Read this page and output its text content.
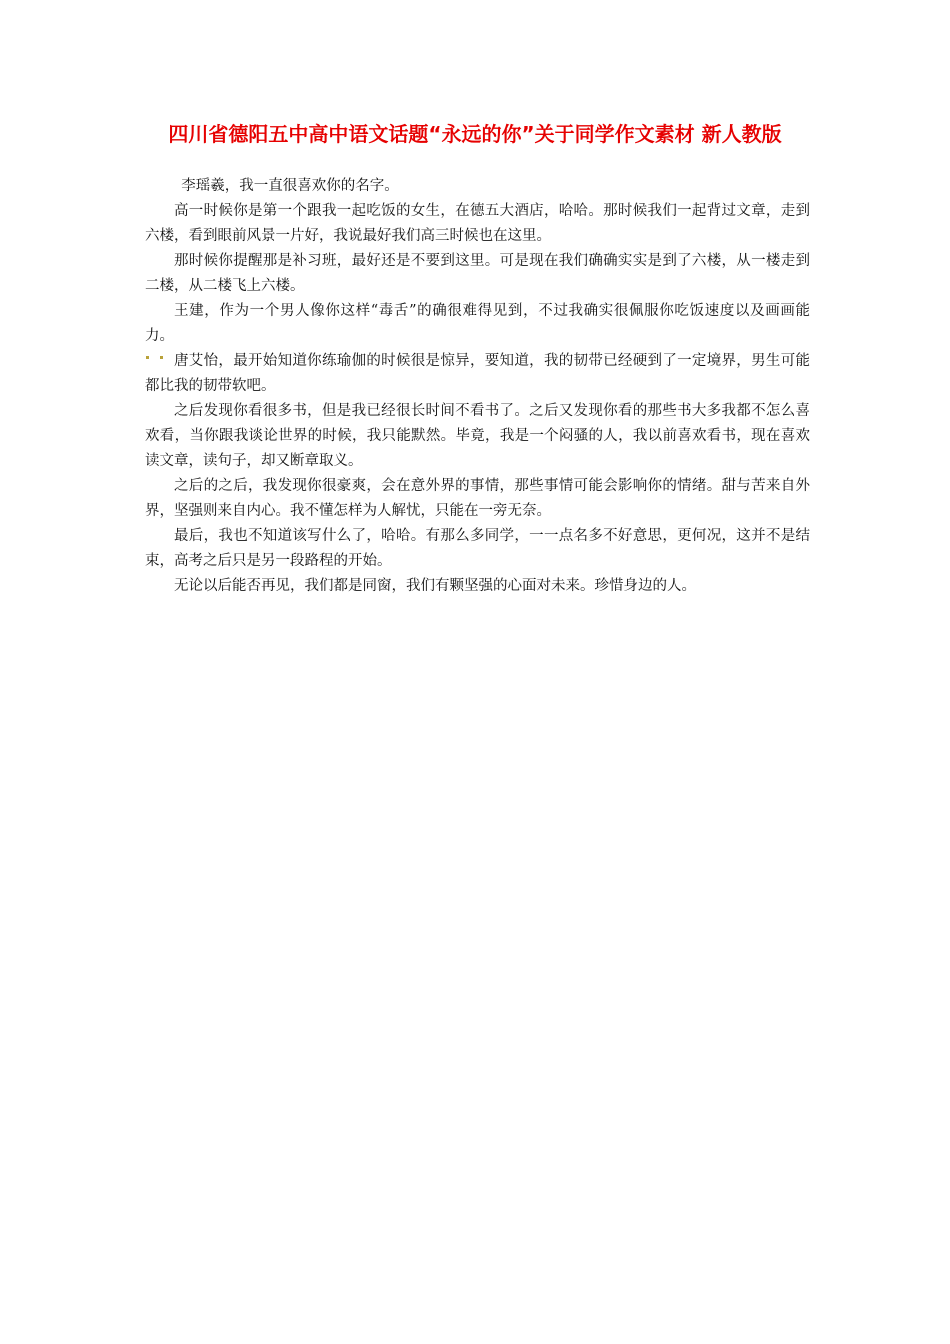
四川省德阳五中高中语文话题“永远的你”关于同学作文素材 新人教版

李瑶羲，我一直很喜欢你的名字。

高一时候你是第一个跟我一起吃饭的女生，在德五大酒店，哈哈。那时候我们一起背过文章，走到六楼，看到眼前风景一片好，我说最好我们高三时候也在这里。

那时候你提醒那是补习班，最好还是不要到这里。可是现在我们确确实实是到了六楼，从一楼走到二楼，从二楼飞上六楼。

王建，作为一个男人像你这样“毒舌”的确很难得见到，不过我确实很佩服你吃饭速度以及画画能力。

唐艾怡，最开始知道你练瑜伽的时候很是惊异，要知道，我的韧带已经硬到了一定境界，男生可能都比我的韧带软吧。

之后发现你看很多书，但是我已经很长时间不看书了。之后又发现你看的那些书大多我都不怎么喜欢看，当你跟我谈论世界的时候，我只能默然。毕竟，我是一个闷骚的人，我以前喜欢看书，现在喜欢读文章，读句子，却又断章取义。

之后的之后，我发现你很豪爽，会在意外界的事情，那些事情可能会影响你的情绪。甜与苦来自外界，坚强则来自内心。我不懂怎样为人解忧，只能在一旁无奈。

最后，我也不知道该写什么了，哈哈。有那么多同学，一一点名多不好意思，更何况，这并不是结束，高考之后只是另一段路程的开始。

无论以后能否再见，我们都是同窗，我们有颗坚强的心面对未来。珍惜身边的人。
